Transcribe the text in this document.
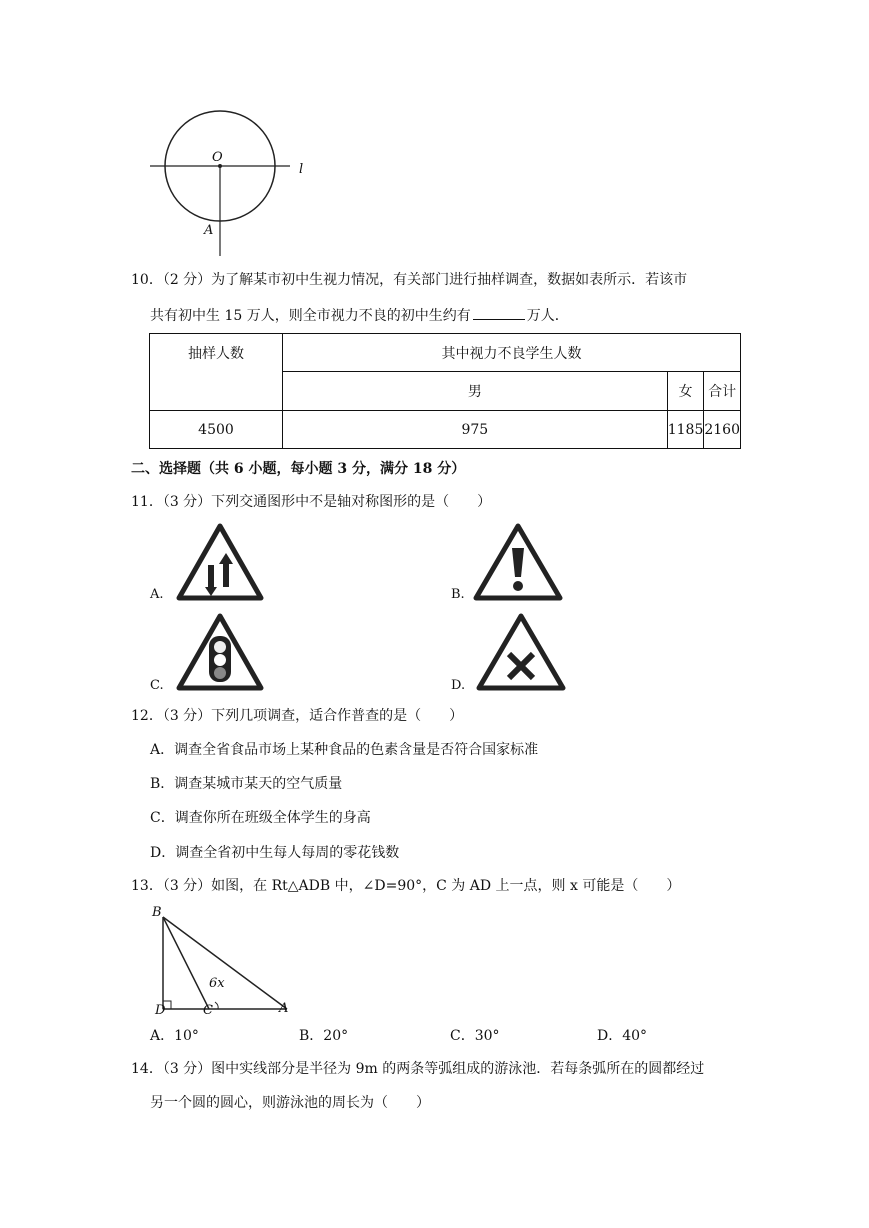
O
l
A
10．（2 分）为了解某市初中生视力情况，有关部门进行抽样调查，数据如表所示．若该市
共有初中生 15 万人，则全市视力不良的初中生约有	万人．
抽样人数	其中视力不良学生人数		
	男	女	合计
4500	975	1185	2160
二、选择题（共 6 小题，每小题 3 分，满分 18 分）
11．（3 分）下列交通图形中不是轴对称图形的是（　　）
A.	B.
C.	D.
12．（3 分）下列几项调查，适合作普查的是（　　）
A．调查全省食品市场上某种食品的色素含量是否符合国家标准
B．调查某城市某天的空气质量
C．调查你所在班级全体学生的身高
D．调查全省初中生每人每周的零花钱数
13．（3 分）如图，在 Rt△ADB 中，∠D=90°，C 为 AD 上一点，则 x 可能是（　　）
B
D	C	A
6x
A．10°	B．20°	C．30°	D．40°
14．（3 分）图中实线部分是半径为 9m 的两条等弧组成的游泳池．若每条弧所在的圆都经过
另一个圆的圆心，则游泳池的周长为（　　）
